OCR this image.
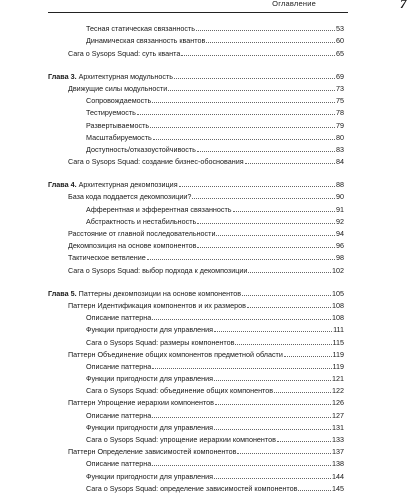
Оглавление	7
Тесная статическая связанность	53
Динамическая связанность квантов	60
Сага о Sysops Squad: суть кванта	65
Глава 3. Архитектурная модульность	69
Движущие силы модульности	73
Сопровождаемость	75
Тестируемость	78
Развертываемость	79
Масштабируемость	80
Доступность/отказоустойчивость	83
Сага о Sysops Squad: создание бизнес-обоснования	84
Глава 4. Архитектурная декомпозиция	88
База кода поддается декомпозиции?	90
Афферентная и эфферентная связанность	91
Абстрактность и нестабильность	92
Расстояние от главной последовательности	94
Декомпозиция на основе компонентов	96
Тактическое ветвление	98
Сага о Sysops Squad: выбор подхода к декомпозиции	102
Глава 5. Паттерны декомпозиции на основе компонентов	105
Паттерн Идентификация компонентов и их размеров	108
Описание паттерна	108
Функции пригодности для управления	111
Сага о Sysops Squad: размеры компонентов	115
Паттерн Объединение общих компонентов предметной области	119
Описание паттерна	119
Функции пригодности для управления	121
Сага о Sysops Squad: объединение общих компонентов	122
Паттерн Упрощение иерархии компонентов	126
Описание паттерна	127
Функции пригодности для управления	131
Сага о Sysops Squad: упрощение иерархии компонентов	133
Паттерн Определение зависимостей компонентов	137
Описание паттерна	138
Функции пригодности для управления	144
Сага о Sysops Squad: определение зависимостей компонентов	145
